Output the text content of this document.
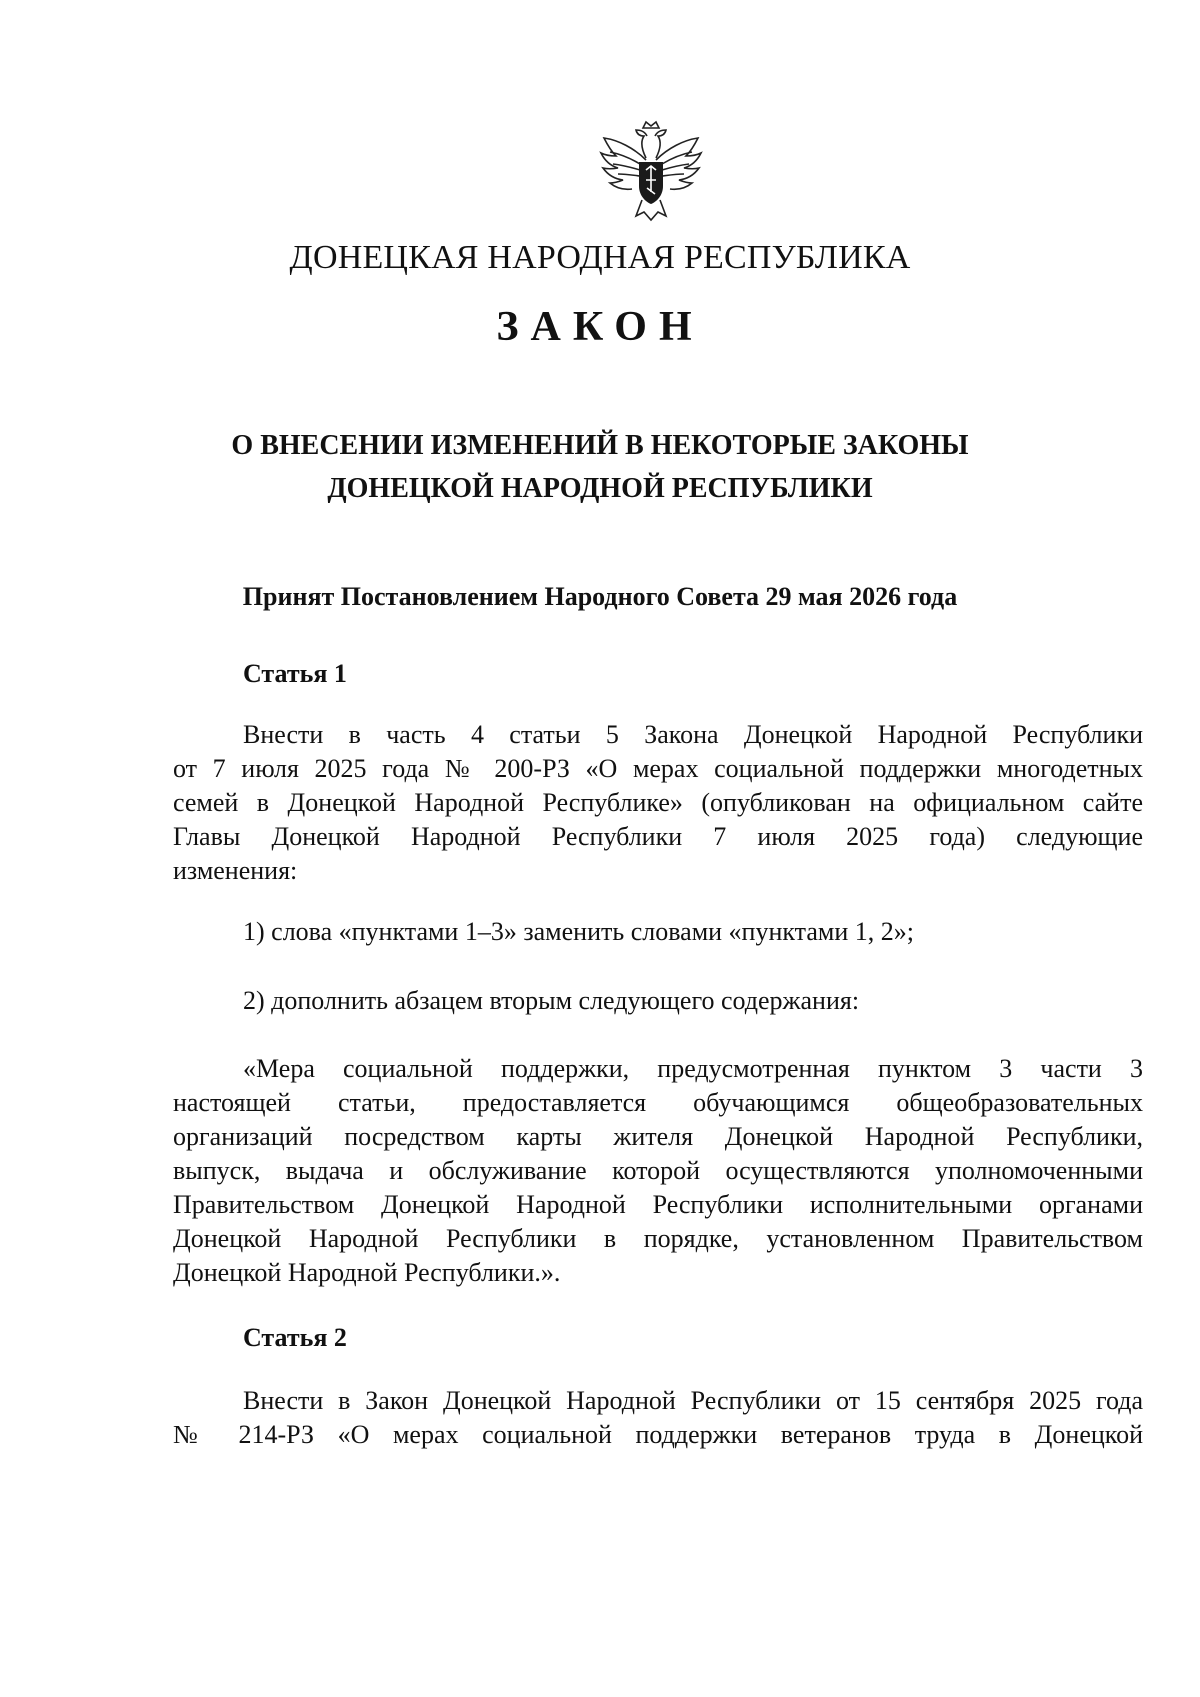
ДОНЕЦКАЯ НАРОДНАЯ РЕСПУБЛИКА
ЗАКОН
О ВНЕСЕНИИ ИЗМЕНЕНИЙ В НЕКОТОРЫЕ ЗАКОНЫ
ДОНЕЦКОЙ НАРОДНОЙ РЕСПУБЛИКИ
Принят Постановлением Народного Совета 29 мая 2026 года
Статья 1
Внести в часть 4 статьи 5 Закона Донецкой Народной Республики
от 7 июля 2025 года № 200-РЗ «О мерах социальной поддержки многодетных
семей в Донецкой Народной Республике» (опубликован на официальном сайте
Главы Донецкой Народной Республики 7 июля 2025 года) следующие
изменения:
1) слова «пунктами 1–3» заменить словами «пунктами 1, 2»;
2) дополнить абзацем вторым следующего содержания:
«Мера социальной поддержки, предусмотренная пунктом 3 части 3
настоящей статьи, предоставляется обучающимся общеобразовательных
организаций посредством карты жителя Донецкой Народной Республики,
выпуск, выдача и обслуживание которой осуществляются уполномоченными
Правительством Донецкой Народной Республики исполнительными органами
Донецкой Народной Республики в порядке, установленном Правительством
Донецкой Народной Республики.».
Статья 2
Внести в Закон Донецкой Народной Республики от 15 сентября 2025 года
№ 214-РЗ «О мерах социальной поддержки ветеранов труда в Донецкой
